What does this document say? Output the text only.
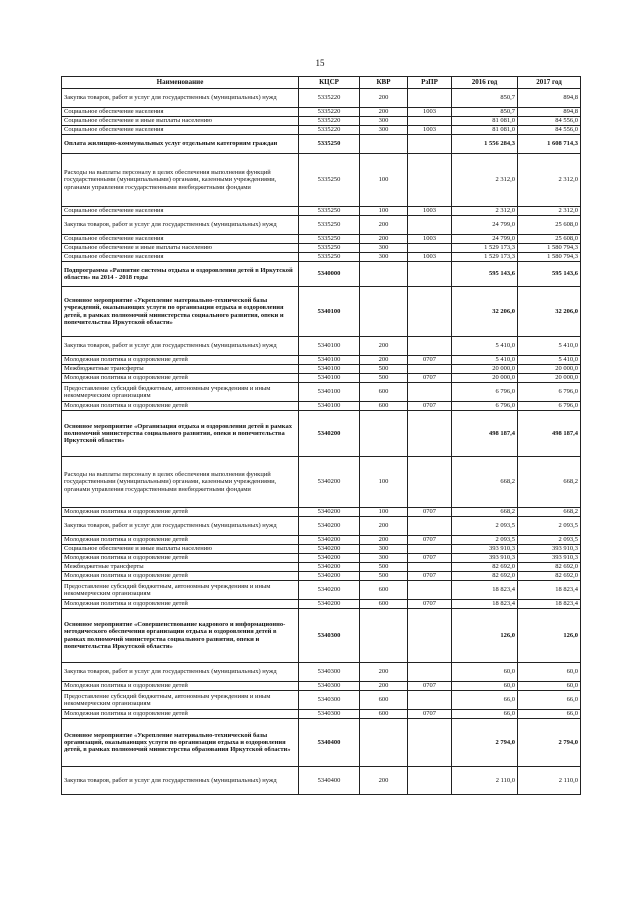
15
Наименование	КЦСР	КВР	РзПР	2016 год	2017 год
Закупка товаров, работ и услуг для государственных (муниципальных) нужд	5335220	200		850,7	894,8
Социальное обеспечение населения	5335220	200	1003	850,7	894,8
Социальное обеспечение и иные выплаты населению	5335220	300		81 081,0	84 556,0
Социальное обеспечение населения	5335220	300	1003	81 081,0	84 556,0
Оплата жилищно-коммунальных услуг отдельным категориям граждан	5335250			1 556 284,3	1 608 714,3
Расходы на выплаты персоналу в целях обеспечения выполнения функций государственными (муниципальными) органами, казенными учреждениями, органами управления государственными внебюджетными фондами	5335250	100		2 312,0	2 312,0
Социальное обеспечение населения	5335250	100	1003	2 312,0	2 312,0
Закупка товаров, работ и услуг для государственных (муниципальных) нужд	5335250	200		24 799,0	25 608,0
Социальное обеспечение населения	5335250	200	1003	24 799,0	25 608,0
Социальное обеспечение и иные выплаты населению	5335250	300		1 529 173,3	1 580 794,3
Социальное обеспечение населения	5335250	300	1003	1 529 173,3	1 580 794,3
Подпрограмма «Развитие системы отдыха и оздоровления детей в Иркутской области» на 2014 - 2018 годы	5340000			595 143,6	595 143,6
Основное мероприятие «Укрепление материально-технической базы учреждений, оказывающих услуги по организации отдыха и оздоровления детей, в рамках полномочий министерства социального развития, опеки и попечительства Иркутской области»	5340100			32 206,0	32 206,0
Закупка товаров, работ и услуг для государственных (муниципальных) нужд	5340100	200		5 410,0	5 410,0
Молодежная политика и оздоровление детей	5340100	200	0707	5 410,0	5 410,0
Межбюджетные трансферты	5340100	500		20 000,0	20 000,0
Молодежная политика и оздоровление детей	5340100	500	0707	20 000,0	20 000,0
Предоставление субсидий бюджетным, автономным учреждениям и иным некоммерческим организациям	5340100	600		6 796,0	6 796,0
Молодежная политика и оздоровление детей	5340100	600	0707	6 796,0	6 796,0
Основное мероприятие «Организация отдыха и оздоровления детей в рамках полномочий министерства социального развития, опеки и попечительства Иркутской области»	5340200			498 187,4	498 187,4
Расходы на выплаты персоналу в целях обеспечения выполнения функций государственными (муниципальными) органами, казенными учреждениями, органами управления государственными внебюджетными фондами	5340200	100		668,2	668,2
Молодежная политика и оздоровление детей	5340200	100	0707	668,2	668,2
Закупка товаров, работ и услуг для государственных (муниципальных) нужд	5340200	200		2 093,5	2 093,5
Молодежная политика и оздоровление детей	5340200	200	0707	2 093,5	2 093,5
Социальное обеспечение и иные выплаты населению	5340200	300		393 910,3	393 910,3
Молодежная политика и оздоровление детей	5340200	300	0707	393 910,3	393 910,3
Межбюджетные трансферты	5340200	500		82 692,0	82 692,0
Молодежная политика и оздоровление детей	5340200	500	0707	82 692,0	82 692,0
Предоставление субсидий бюджетным, автономным учреждениям и иным некоммерческим организациям	5340200	600		18 823,4	18 823,4
Молодежная политика и оздоровление детей	5340200	600	0707	18 823,4	18 823,4
Основное мероприятие «Совершенствование кадрового и информационно-методического обеспечения организации отдыха и оздоровления детей в рамках полномочий министерства социального развития, опеки и попечительства Иркутской области»	5340300			126,0	126,0
Закупка товаров, работ и услуг для государственных (муниципальных) нужд	5340300	200		60,0	60,0
Молодежная политика и оздоровление детей	5340300	200	0707	60,0	60,0
Предоставление субсидий бюджетным, автономным учреждениям и иным некоммерческим организациям	5340300	600		66,0	66,0
Молодежная политика и оздоровление детей	5340300	600	0707	66,0	66,0
Основное мероприятие «Укрепление материально-технической базы организаций, оказывающих услуги по организации отдыха и оздоровления детей, в рамках полномочий министерства образования Иркутской области»	5340400			2 794,0	2 794,0
Закупка товаров, работ и услуг для государственных (муниципальных) нужд	5340400	200		2 110,0	2 110,0
